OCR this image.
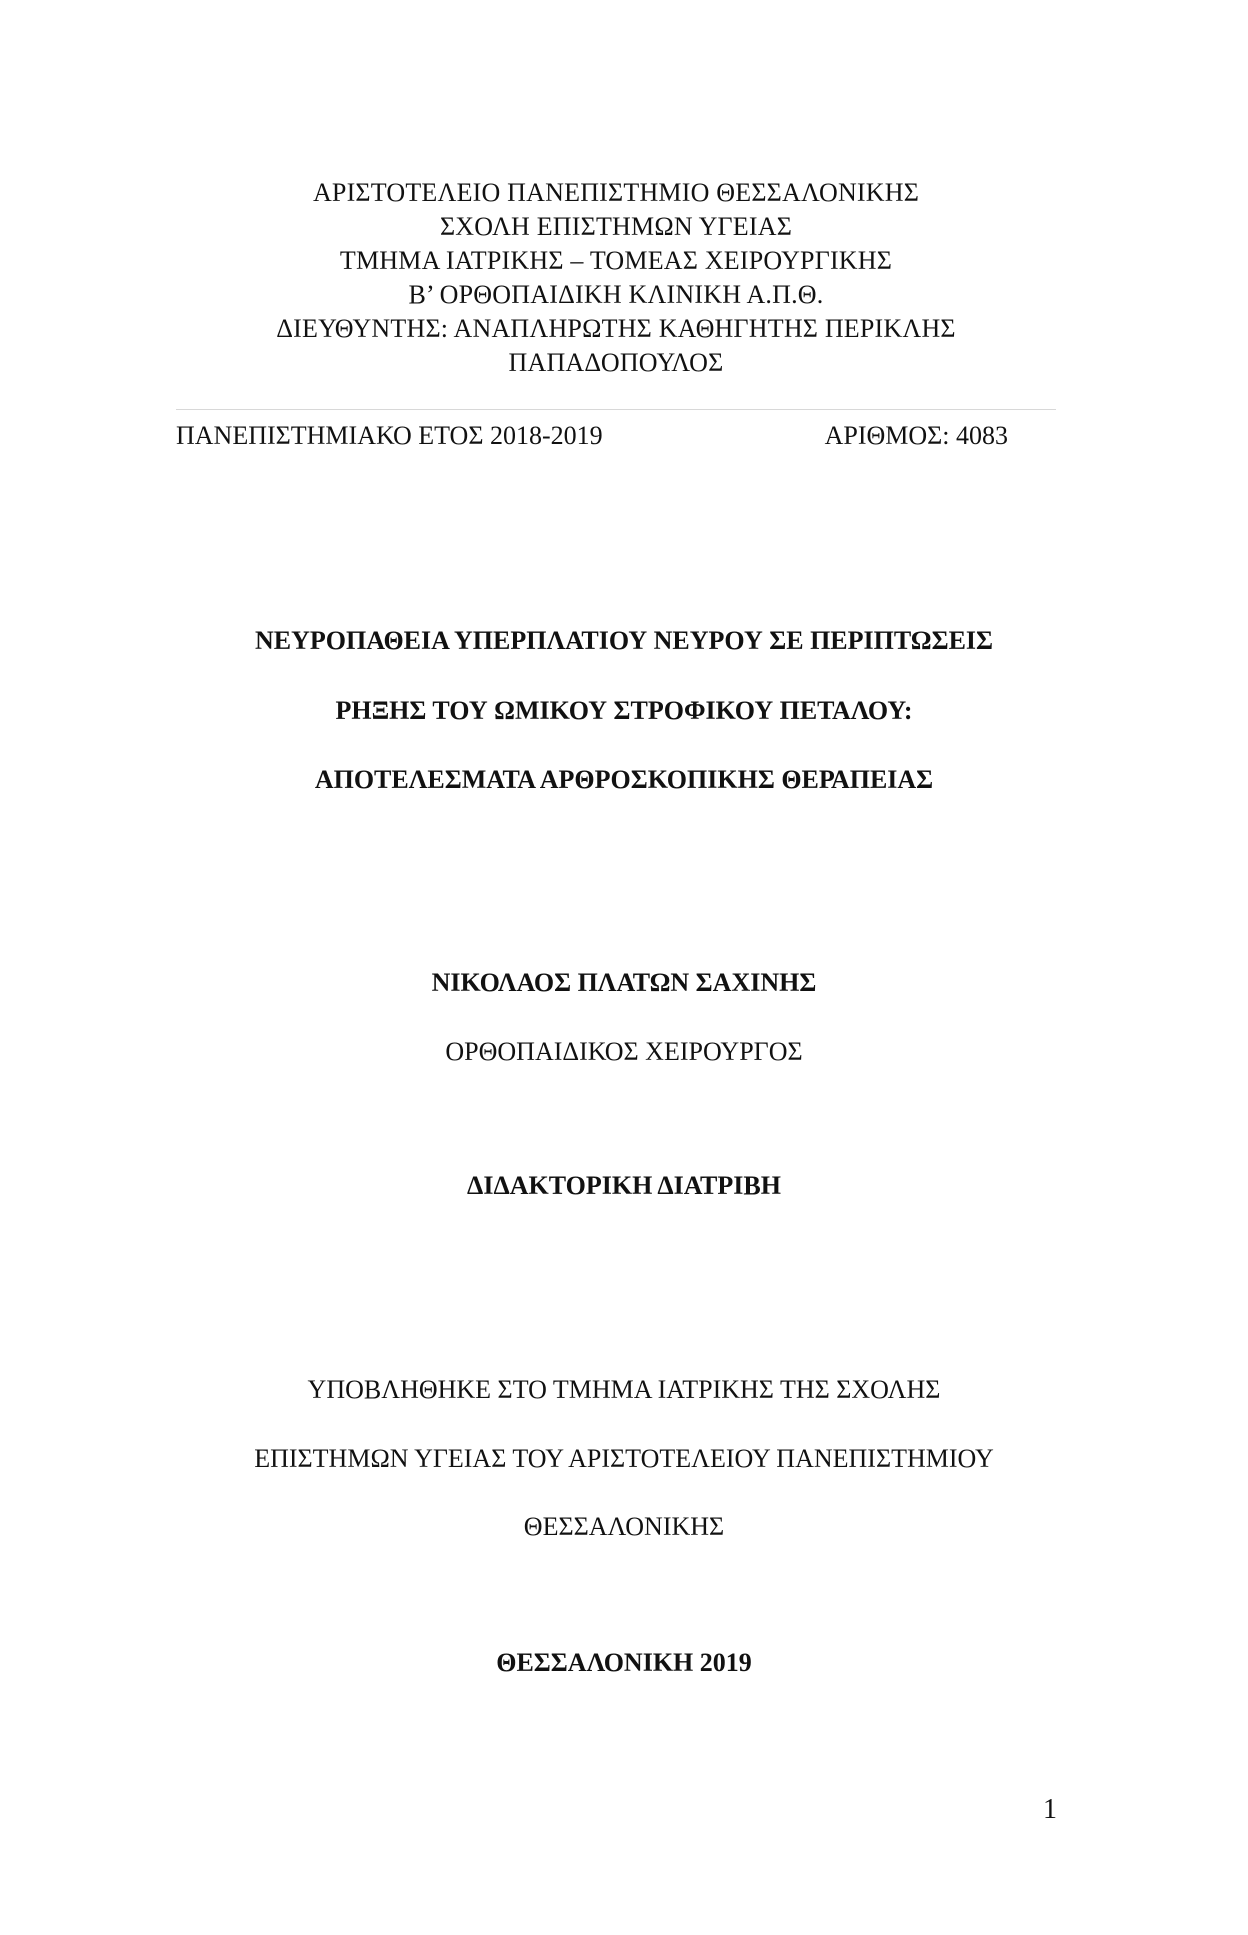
ΑΡΙΣΤΟΤΕΛΕΙΟ ΠΑΝΕΠΙΣΤΗΜΙΟ ΘΕΣΣΑΛΟΝΙΚΗΣ
ΣΧΟΛΗ ΕΠΙΣΤΗΜΩΝ ΥΓΕΙΑΣ
ΤΜΗΜΑ ΙΑΤΡΙΚΗΣ – ΤΟΜΕΑΣ ΧΕΙΡΟΥΡΓΙΚΗΣ
Β’ ΟΡΘΟΠΑΙΔΙΚΗ ΚΛΙΝΙΚΗ Α.Π.Θ.
ΔΙΕΥΘΥΝΤΗΣ: ΑΝΑΠΛΗΡΩΤΗΣ ΚΑΘΗΓΗΤΗΣ ΠΕΡΙΚΛΗΣ
ΠΑΠΑΔΟΠΟΥΛΟΣ
ΠΑΝΕΠΙΣΤΗΜΙΑΚΟ ΕΤΟΣ 2018-2019	ΑΡΙΘΜΟΣ: 4083
ΝΕΥΡΟΠΑΘΕΙΑ ΥΠΕΡΠΛΑΤΙΟΥ ΝΕΥΡΟΥ ΣΕ ΠΕΡΙΠΤΩΣΕΙΣ
ΡΗΞΗΣ ΤΟΥ ΩΜΙΚΟΥ ΣΤΡΟΦΙΚΟΥ ΠΕΤΑΛΟΥ:
ΑΠΟΤΕΛΕΣΜΑΤΑ ΑΡΘΡΟΣΚΟΠΙΚΗΣ ΘΕΡΑΠΕΙΑΣ
ΝΙΚΟΛΑΟΣ ΠΛΑΤΩΝ ΣΑΧΙΝΗΣ
ΟΡΘΟΠΑΙΔΙΚΟΣ ΧΕΙΡΟΥΡΓΟΣ
ΔΙΔΑΚΤΟΡΙΚΗ ΔΙΑΤΡΙΒΗ
ΥΠΟΒΛΗΘΗΚΕ ΣΤΟ ΤΜΗΜΑ ΙΑΤΡΙΚΗΣ ΤΗΣ ΣΧΟΛΗΣ
ΕΠΙΣΤΗΜΩΝ ΥΓΕΙΑΣ ΤΟΥ ΑΡΙΣΤΟΤΕΛΕΙΟΥ ΠΑΝΕΠΙΣΤΗΜΙΟΥ
ΘΕΣΣΑΛΟΝΙΚΗΣ
ΘΕΣΣΑΛΟΝΙΚΗ 2019
1
